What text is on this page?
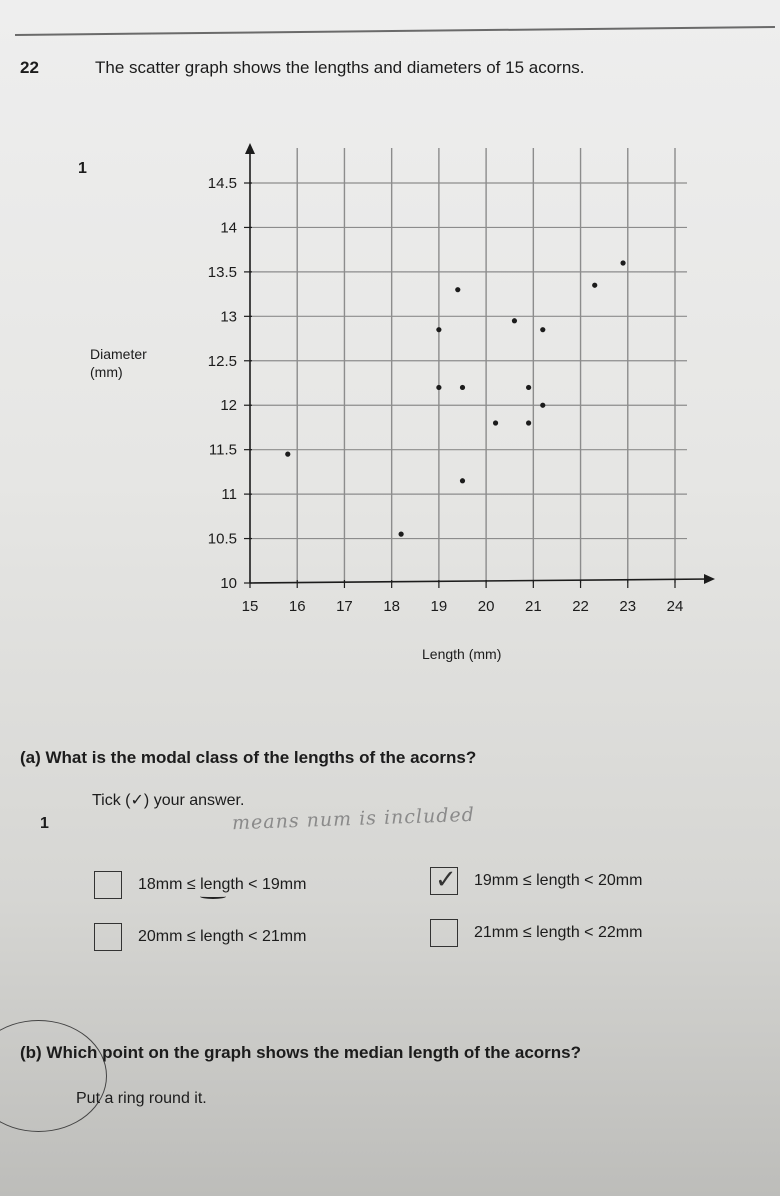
22	The scatter graph shows the lengths and diameters of 15 acorns.
1
15 16 17 18 19 20 21 22 23 24
10
10.5
11
11.5
12
12.5
13
13.5
14
14.5
Diameter (mm)
Length (mm)
(a) What is the modal class of the lengths of the acorns?
Tick (✓) your answer.
1	means num is included
18mm ≤ length < 19mm	✓ 19mm ≤ length < 20mm
20mm ≤ length < 21mm	21mm ≤ length < 22mm
(b) Which point on the graph shows the median length of the acorns?
Put a ring round it.
